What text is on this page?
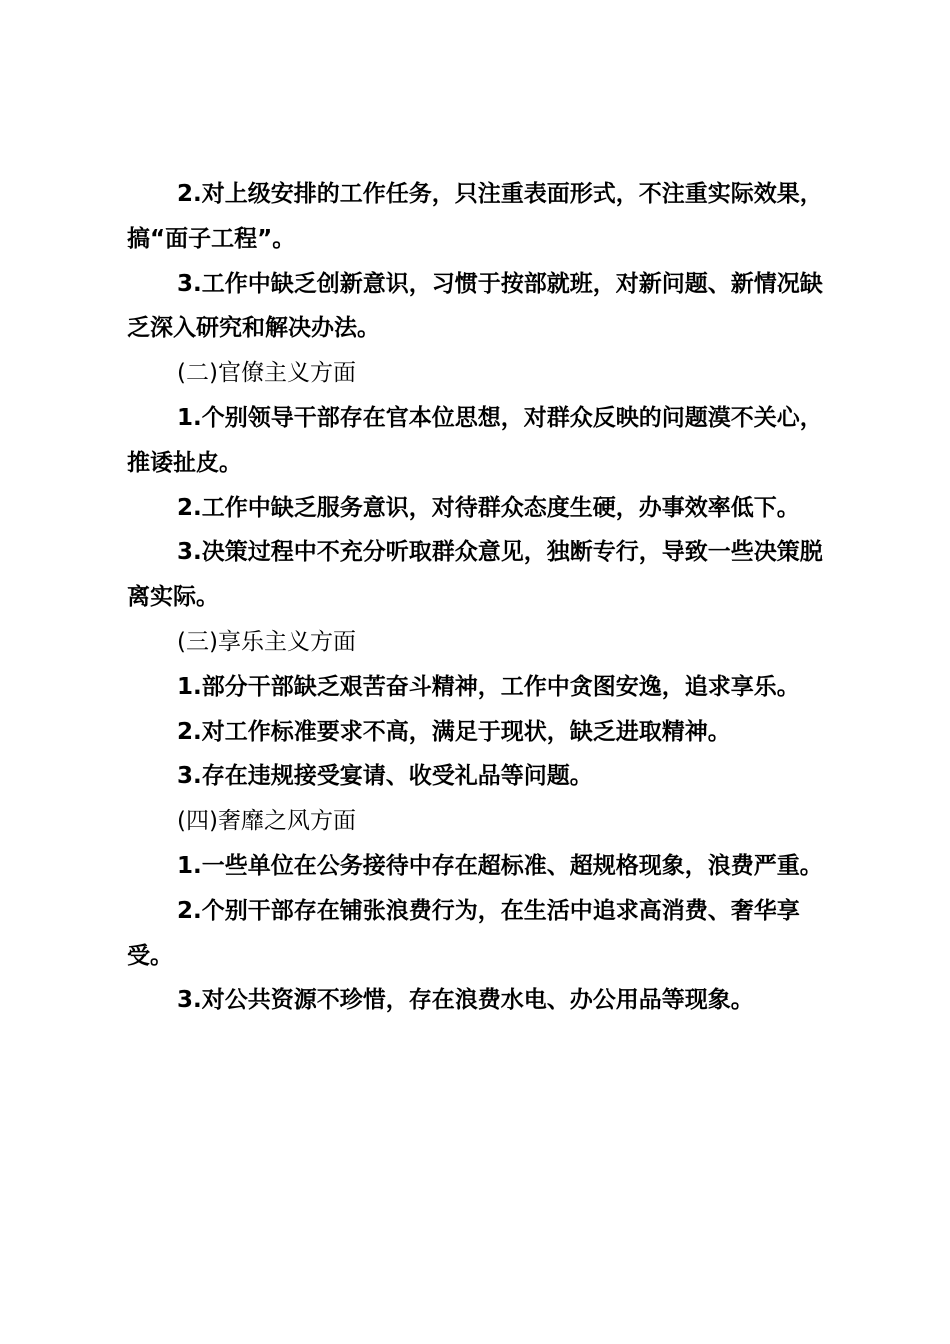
2.对上级安排的工作任务，只注重表面形式，不注重实际效果，搞“面子工程”。

3.工作中缺乏创新意识，习惯于按部就班，对新问题、新情况缺乏深入研究和解决办法。

(二)官僚主义方面

1.个别领导干部存在官本位思想，对群众反映的问题漠不关心，推诿扯皮。

2.工作中缺乏服务意识，对待群众态度生硬，办事效率低下。

3.决策过程中不充分听取群众意见，独断专行，导致一些决策脱离实际。

(三)享乐主义方面

1.部分干部缺乏艰苦奋斗精神，工作中贪图安逸，追求享乐。

2.对工作标准要求不高，满足于现状，缺乏进取精神。

3.存在违规接受宴请、收受礼品等问题。

(四)奢靡之风方面

1.一些单位在公务接待中存在超标准、超规格现象，浪费严重。

2.个别干部存在铺张浪费行为，在生活中追求高消费、奢华享受。

3.对公共资源不珍惜，存在浪费水电、办公用品等现象。
